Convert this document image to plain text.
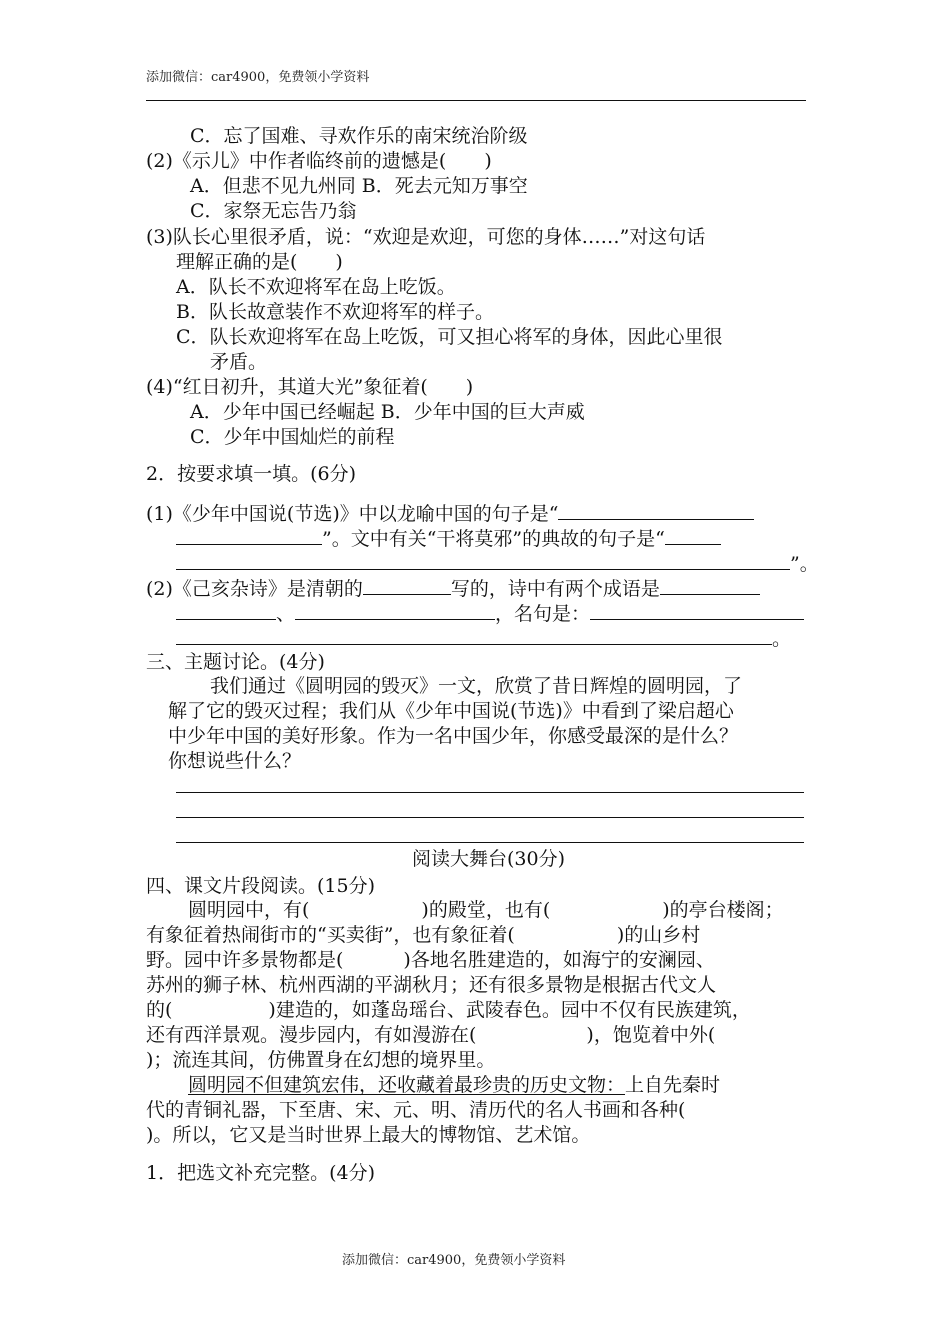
添加微信：car4900，免费领小学资料
C．忘了国难、寻欢作乐的南宋统治阶级
(2)《示儿》中作者临终前的遗憾是(　　)
A．但悲不见九州同 B．死去元知万事空
C．家祭无忘告乃翁
(3)队长心里很矛盾，说：“欢迎是欢迎，可您的身体……”对这句话
理解正确的是(　　)
A．队长不欢迎将军在岛上吃饭。
B．队长故意装作不欢迎将军的样子。
C．队长欢迎将军在岛上吃饭，可又担心将军的身体，因此心里很
矛盾。
(4)“红日初升，其道大光”象征着(　　)
A．少年中国已经崛起 B．少年中国的巨大声威
C．少年中国灿烂的前程
2．按要求填一填。(6分)
(1)《少年中国说(节选)》中以龙喻中国的句子是“
”。文中有关“干将莫邪”的典故的句子是“
”。
(2)《己亥杂诗》是清朝的	写的，诗中有两个成语是
、	，名句是：
。
三、主题讨论。(4分)
我们通过《圆明园的毁灭》一文，欣赏了昔日辉煌的圆明园，了
解了它的毁灭过程；我们从《少年中国说(节选)》中看到了梁启超心
中少年中国的美好形象。作为一名中国少年，你感受最深的是什么？
你想说些什么？
阅读大舞台(30分)
四、课文片段阅读。(15分)
圆明园中，有(	)的殿堂，也有(	)的亭台楼阁；
有象征着热闹街市的“买卖街”，也有象征着(	)的山乡村
野。园中许多景物都是(	)各地名胜建造的，如海宁的安澜园、
苏州的狮子林、杭州西湖的平湖秋月；还有很多景物是根据古代文人
的(	)建造的，如蓬岛瑶台、武陵春色。园中不仅有民族建筑，
还有西洋景观。漫步园内，有如漫游在(	)，饱览着中外(
)；流连其间，仿佛置身在幻想的境界里。
圆明园不但建筑宏伟，还收藏着最珍贵的历史文物：上自先秦时
代的青铜礼器，下至唐、宋、元、明、清历代的名人书画和各种(
)。所以，它又是当时世界上最大的博物馆、艺术馆。
1．把选文补充完整。(4分)
添加微信：car4900，免费领小学资料
